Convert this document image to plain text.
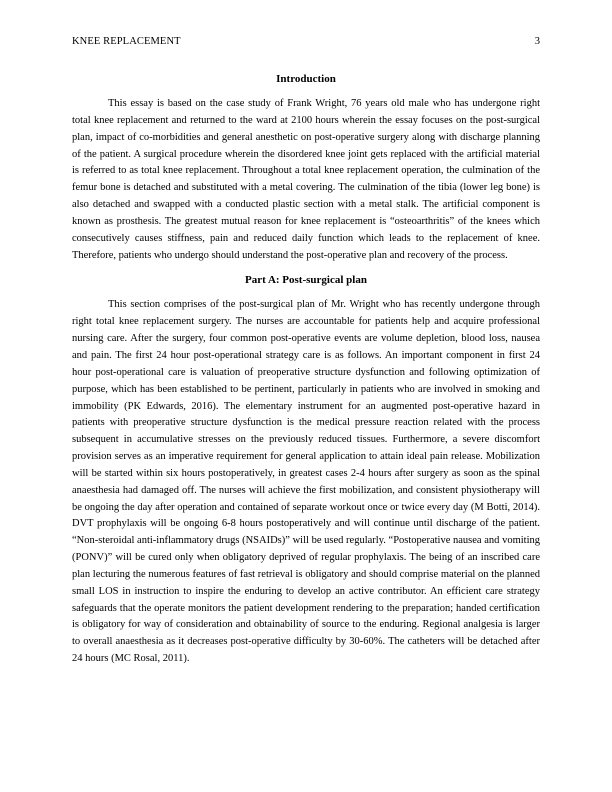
KNEE REPLACEMENT	3
Introduction

This essay is based on the case study of Frank Wright, 76 years old male who has undergone right total knee replacement and returned to the ward at 2100 hours wherein the essay focuses on the post-surgical plan, impact of co-morbidities and general anesthetic on post-operative surgery along with discharge planning of the patient. A surgical procedure wherein the disordered knee joint gets replaced with the artificial material is referred to as total knee replacement. Throughout a total knee replacement operation, the culmination of the femur bone is detached and substituted with a metal covering. The culmination of the tibia (lower leg bone) is also detached and swapped with a conducted plastic section with a metal stalk. The artificial component is known as prosthesis. The greatest mutual reason for knee replacement is “osteoarthritis” of the knees which consecutively causes stiffness, pain and reduced daily function which leads to the replacement of knee. Therefore, patients who undergo should understand the post-operative plan and recovery of the process.

Part A: Post-surgical plan

This section comprises of the post-surgical plan of Mr. Wright who has recently undergone through right total knee replacement surgery. The nurses are accountable for patients help and acquire professional nursing care. After the surgery, four common post-operative events are volume depletion, blood loss, nausea and pain. The first 24 hour post-operational strategy care is as follows. An important component in first 24 hour post-operational care is valuation of preoperative structure dysfunction and following optimization of purpose, which has been established to be pertinent, particularly in patients who are involved in smoking and immobility (PK Edwards, 2016). The elementary instrument for an augmented post-operative hazard in patients with preoperative structure dysfunction is the medical pressure reaction related with the process subsequent in accumulative stresses on the previously reduced tissues. Furthermore, a severe discomfort provision serves as an imperative requirement for general application to attain ideal pain release. Mobilization will be started within six hours postoperatively, in greatest cases 2-4 hours after surgery as soon as the spinal anaesthesia had damaged off. The nurses will achieve the first mobilization, and consistent physiotherapy will be ongoing the day after operation and contained of separate workout once or twice every day (M Botti, 2014). DVT prophylaxis will be ongoing 6-8 hours postoperatively and will continue until discharge of the patient. “Non-steroidal anti-inflammatory drugs (NSAIDs)” will be used regularly. “Postoperative nausea and vomiting (PONV)” will be cured only when obligatory deprived of regular prophylaxis. The being of an inscribed care plan lecturing the numerous features of fast retrieval is obligatory and should comprise material on the planned small LOS in instruction to inspire the enduring to develop an active contributor. An efficient care strategy safeguards that the operate monitors the patient development rendering to the preparation; handed certification is obligatory for way of consideration and obtainability of source to the enduring. Regional analgesia is larger to overall anaesthesia as it decreases post-operative difficulty by 30-60%. The catheters will be detached after 24 hours (MC Rosal, 2011).
